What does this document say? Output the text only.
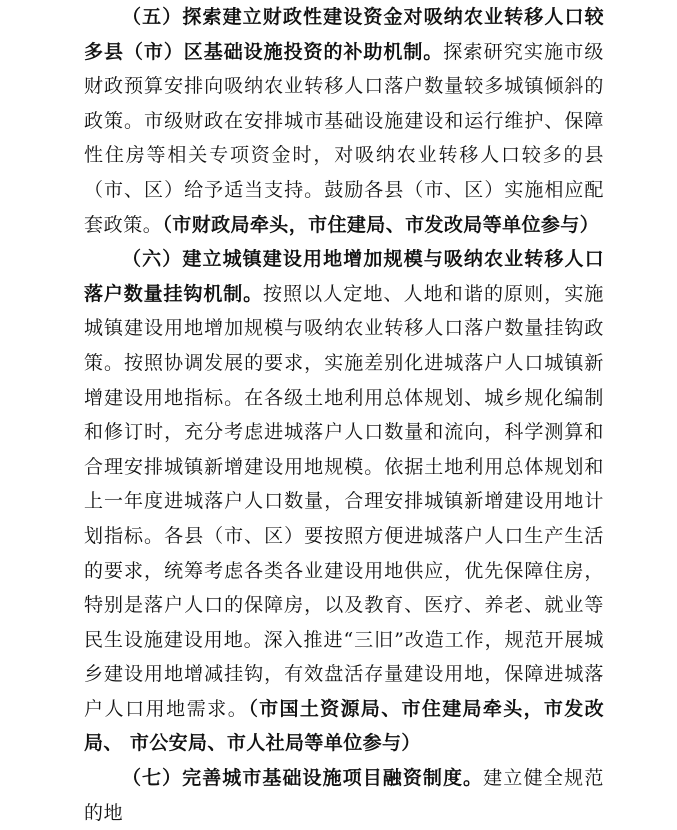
（五）探索建立财政性建设资金对吸纳农业转移人口较多县（市）区基础设施投资的补助机制。探索研究实施市级财政预算安排向吸纳农业转移人口落户数量较多城镇倾斜的政策。市级财政在安排城市基础设施建设和运行维护、保障性住房等相关专项资金时，对吸纳农业转移人口较多的县（市、区）给予适当支持。鼓励各县（市、区）实施相应配套政策。（市财政局牵头，市住建局、市发改局等单位参与）

（六）建立城镇建设用地增加规模与吸纳农业转移人口落户数量挂钩机制。按照以人定地、人地和谐的原则，实施城镇建设用地增加规模与吸纳农业转移人口落户数量挂钩政策。按照协调发展的要求，实施差别化进城落户人口城镇新增建设用地指标。在各级土地利用总体规划、城乡规化编制和修订时，充分考虑进城落户人口数量和流向，科学测算和合理安排城镇新增建设用地规模。依据土地利用总体规划和上一年度进城落户人口数量，合理安排城镇新增建设用地计划指标。各县（市、区）要按照方便进城落户人口生产生活的要求，统筹考虑各类各业建设用地供应，优先保障住房，特别是落户人口的保障房，以及教育、医疗、养老、就业等民生设施建设用地。深入推进“三旧”改造工作，规范开展城乡建设用地增减挂钩，有效盘活存量建设用地，保障进城落户人口用地需求。（市国土资源局、市住建局牵头，市发改局、 市公安局、市人社局等单位参与）

（七）完善城市基础设施项目融资制度。建立健全规范的地
